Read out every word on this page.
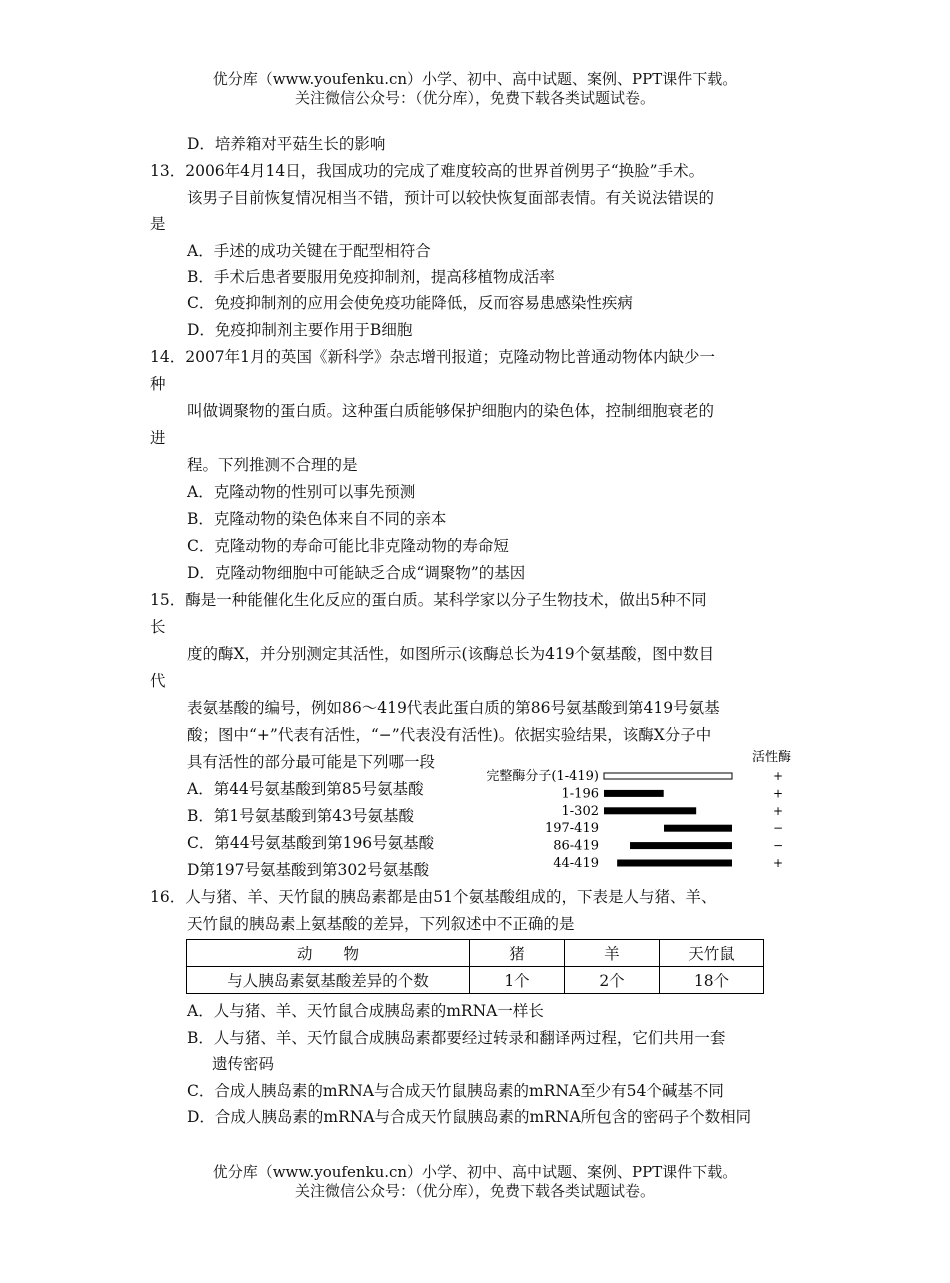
优分库（www.youfenku.cn）小学、初中、高中试题、案例、PPT课件下载。
关注微信公众号：（优分库），免费下载各类试题试卷。
D．培养箱对平菇生长的影响
13．2006年4月14日，我国成功的完成了难度较高的世界首例男子“换脸”手术。
该男子目前恢复情况相当不错，预计可以较快恢复面部表情。有关说法错误的
是
A．手述的成功关键在于配型相符合
B．手术后患者要服用免疫抑制剂，提高移植物成活率
C．免疫抑制剂的应用会使免疫功能降低，反而容易患感染性疾病
D．免疫抑制剂主要作用于B细胞
14．2007年1月的英国《新科学》杂志增刊报道；克隆动物比普通动物体内缺少一
种
叫做调聚物的蛋白质。这种蛋白质能够保护细胞内的染色体，控制细胞衰老的
进
程。下列推测不合理的是
A．克隆动物的性别可以事先预测
B．克隆动物的染色体来自不同的亲本
C．克隆动物的寿命可能比非克隆动物的寿命短
D．克隆动物细胞中可能缺乏合成“调聚物”的基因
15．酶是一种能催化生化反应的蛋白质。某科学家以分子生物技术，做出5种不同
长
度的酶X，并分别测定其活性，如图所示(该酶总长为419个氨基酸，图中数目
代
表氨基酸的编号，例如86～419代表此蛋白质的第86号氨基酸到第419号氨基
酸；图中“+”代表有活性，“−”代表没有活性)。依据实验结果，该酶X分子中
具有活性的部分最可能是下列哪一段
A．第44号氨基酸到第85号氨基酸
B．第1号氨基酸到第43号氨基酸
C．第44号氨基酸到第196号氨基酸
D第197号氨基酸到第302号氨基酸
活性酶
完整酶分子(1-419)	+
1-196	+
1-302	+
197-419	−
86-419	−
44-419	+
16．人与猪、羊、天竹鼠的胰岛素都是由51个氨基酸组成的，下表是人与猪、羊、
天竹鼠的胰岛素上氨基酸的差异，下列叙述中不正确的是
动　　物	猪	羊	天竹鼠
与人胰岛素氨基酸差异的个数	1个	2个	18个
A．人与猪、羊、天竹鼠合成胰岛素的mRNA一样长
B．人与猪、羊、天竹鼠合成胰岛素都要经过转录和翻译两过程，它们共用一套
遗传密码
C．合成人胰岛素的mRNA与合成天竹鼠胰岛素的mRNA至少有54个碱基不同
D．合成人胰岛素的mRNA与合成天竹鼠胰岛素的mRNA所包含的密码子个数相同
优分库（www.youfenku.cn）小学、初中、高中试题、案例、PPT课件下载。
关注微信公众号：（优分库），免费下载各类试题试卷。
